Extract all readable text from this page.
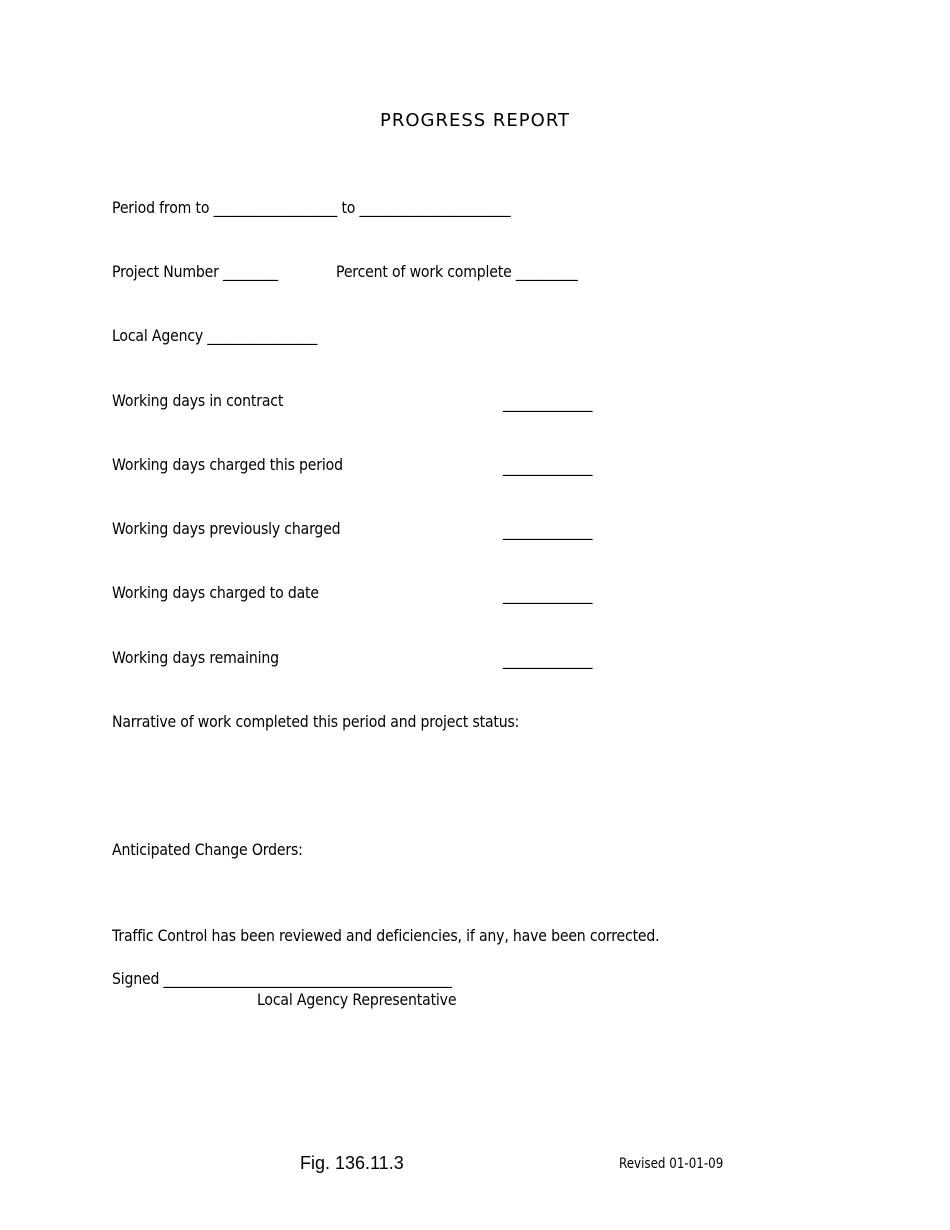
PROGRESS REPORT
Period from to __________________ to ______________________
Project Number ________	Percent of work complete _________
Local Agency ________________
Working days in contract	_____________
Working days charged this period	_____________
Working days previously charged	_____________
Working days charged to date	_____________
Working days remaining	_____________
Narrative of work completed this period and project status:
Anticipated Change Orders:
Traffic Control has been reviewed and deficiencies, if any, have been corrected.
Signed __________________________________________
Local Agency Representative
Fig. 136.11.3	Revised 01-01-09
